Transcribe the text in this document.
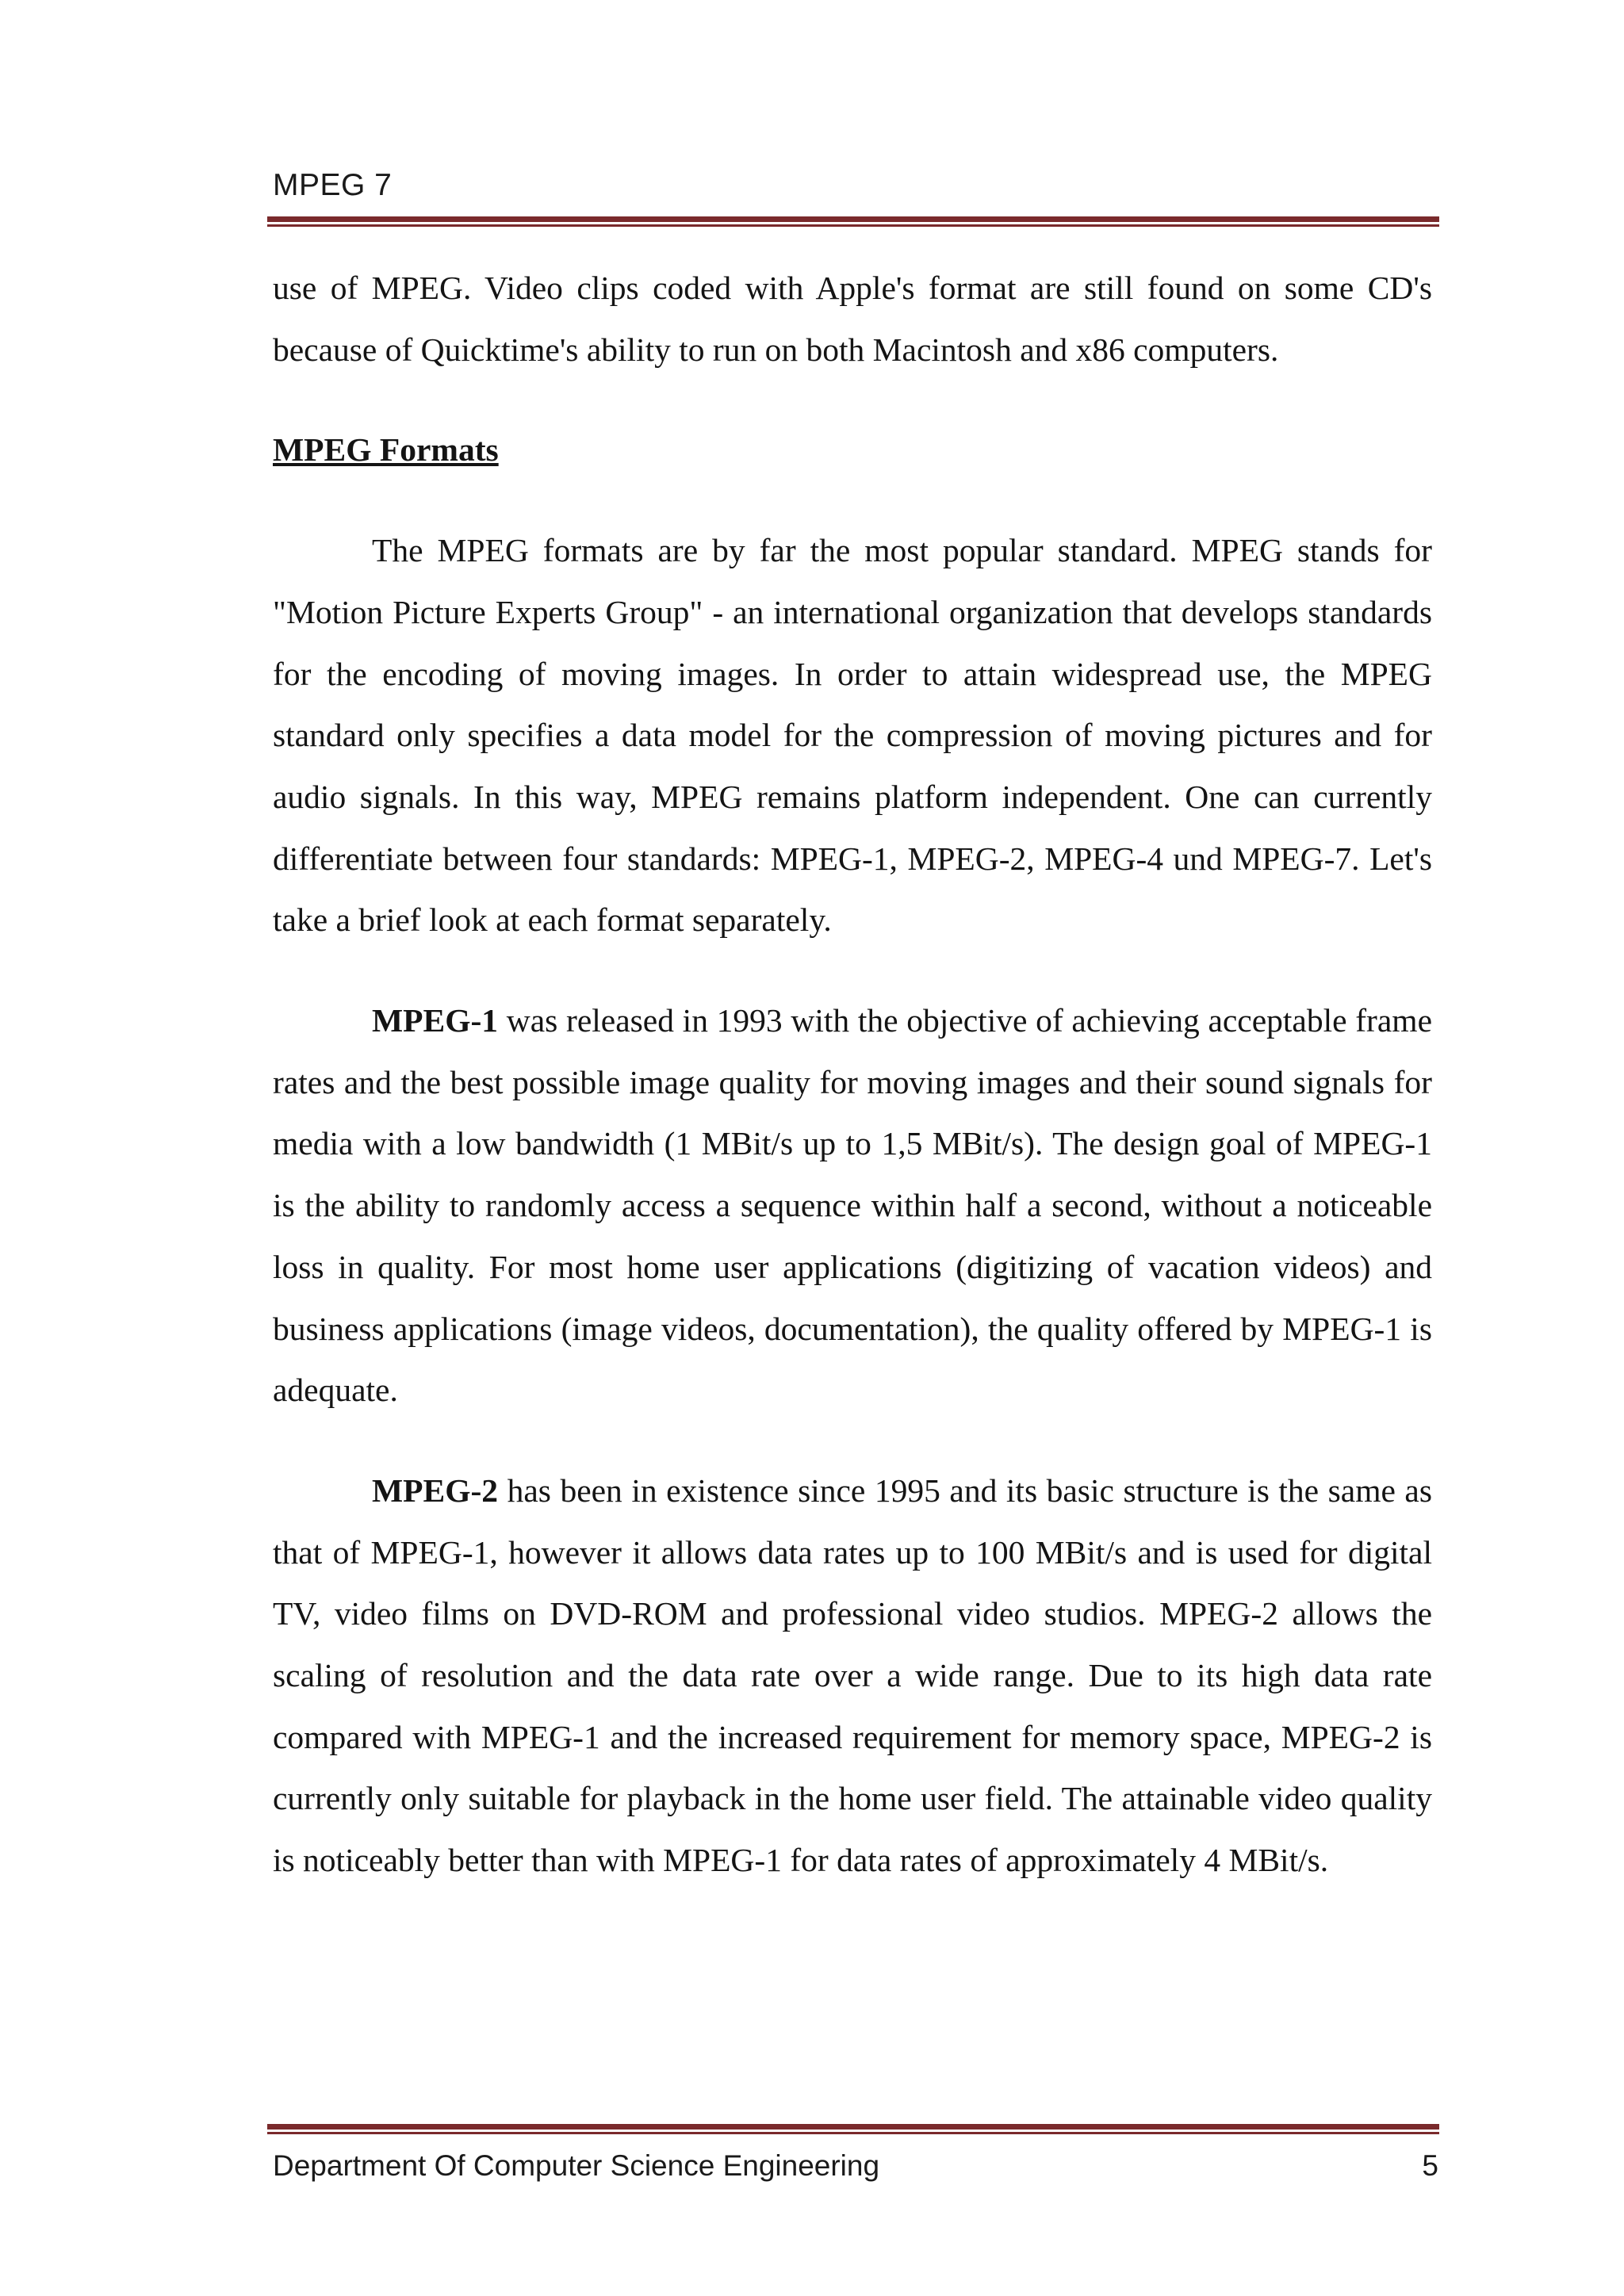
MPEG 7

use of MPEG. Video clips coded with Apple's format are still found on some CD's because of Quicktime's ability to run on both Macintosh and x86 computers.

MPEG Formats

The MPEG formats are by far the most popular standard. MPEG stands for "Motion Picture Experts Group" - an international organization that develops standards for the encoding of moving images. In order to attain widespread use, the MPEG standard only specifies a data model for the compression of moving pictures and for audio signals. In this way, MPEG remains platform independent. One can currently differentiate between four standards: MPEG-1, MPEG-2, MPEG-4 und MPEG-7. Let's take a brief look at each format separately.

MPEG-1 was released in 1993 with the objective of achieving acceptable frame rates and the best possible image quality for moving images and their sound signals for media with a low bandwidth (1 MBit/s up to 1,5 MBit/s). The design goal of MPEG-1 is the ability to randomly access a sequence within half a second, without a noticeable loss in quality. For most home user applications (digitizing of vacation videos) and business applications (image videos, documentation), the quality offered by MPEG-1 is adequate.

MPEG-2 has been in existence since 1995 and its basic structure is the same as that of MPEG-1, however it allows data rates up to 100 MBit/s and is used for digital TV, video films on DVD-ROM and professional video studios. MPEG-2 allows the scaling of resolution and the data rate over a wide range. Due to its high data rate compared with MPEG-1 and the increased requirement for memory space, MPEG-2 is currently only suitable for playback in the home user field. The attainable video quality is noticeably better than with MPEG-1 for data rates of approximately 4 MBit/s.

Department Of Computer Science Engineering	5
